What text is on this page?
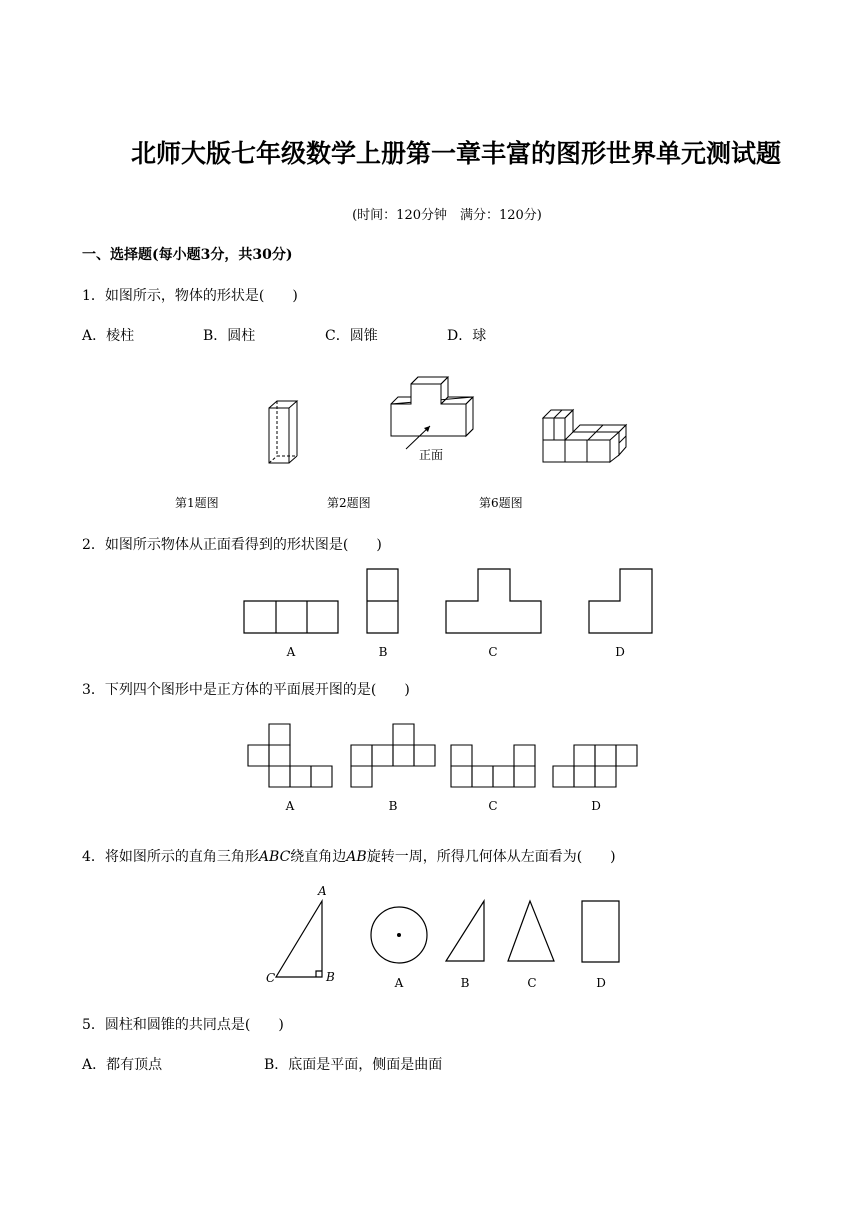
北师大版七年级数学上册第一章丰富的图形世界单元测试题
(时间：120分钟　满分：120分)
一、选择题(每小题3分，共30分)
1．如图所示，物体的形状是(　　)
A．棱柱	B．圆柱	C．圆锥	D．球
正面
第1题图	第2题图	第6题图
2．如图所示物体从正面看得到的形状图是(　　)
A	B	C	D
3．下列四个图形中是正方体的平面展开图的是(　　)
A	B	C	D
4．将如图所示的直角三角形ABC绕直角边AB旋转一周，所得几何体从左面看为(　　)
A
B
C	A	B	C	D
5．圆柱和圆锥的共同点是(　　)
A．都有顶点	B．底面是平面，侧面是曲面
